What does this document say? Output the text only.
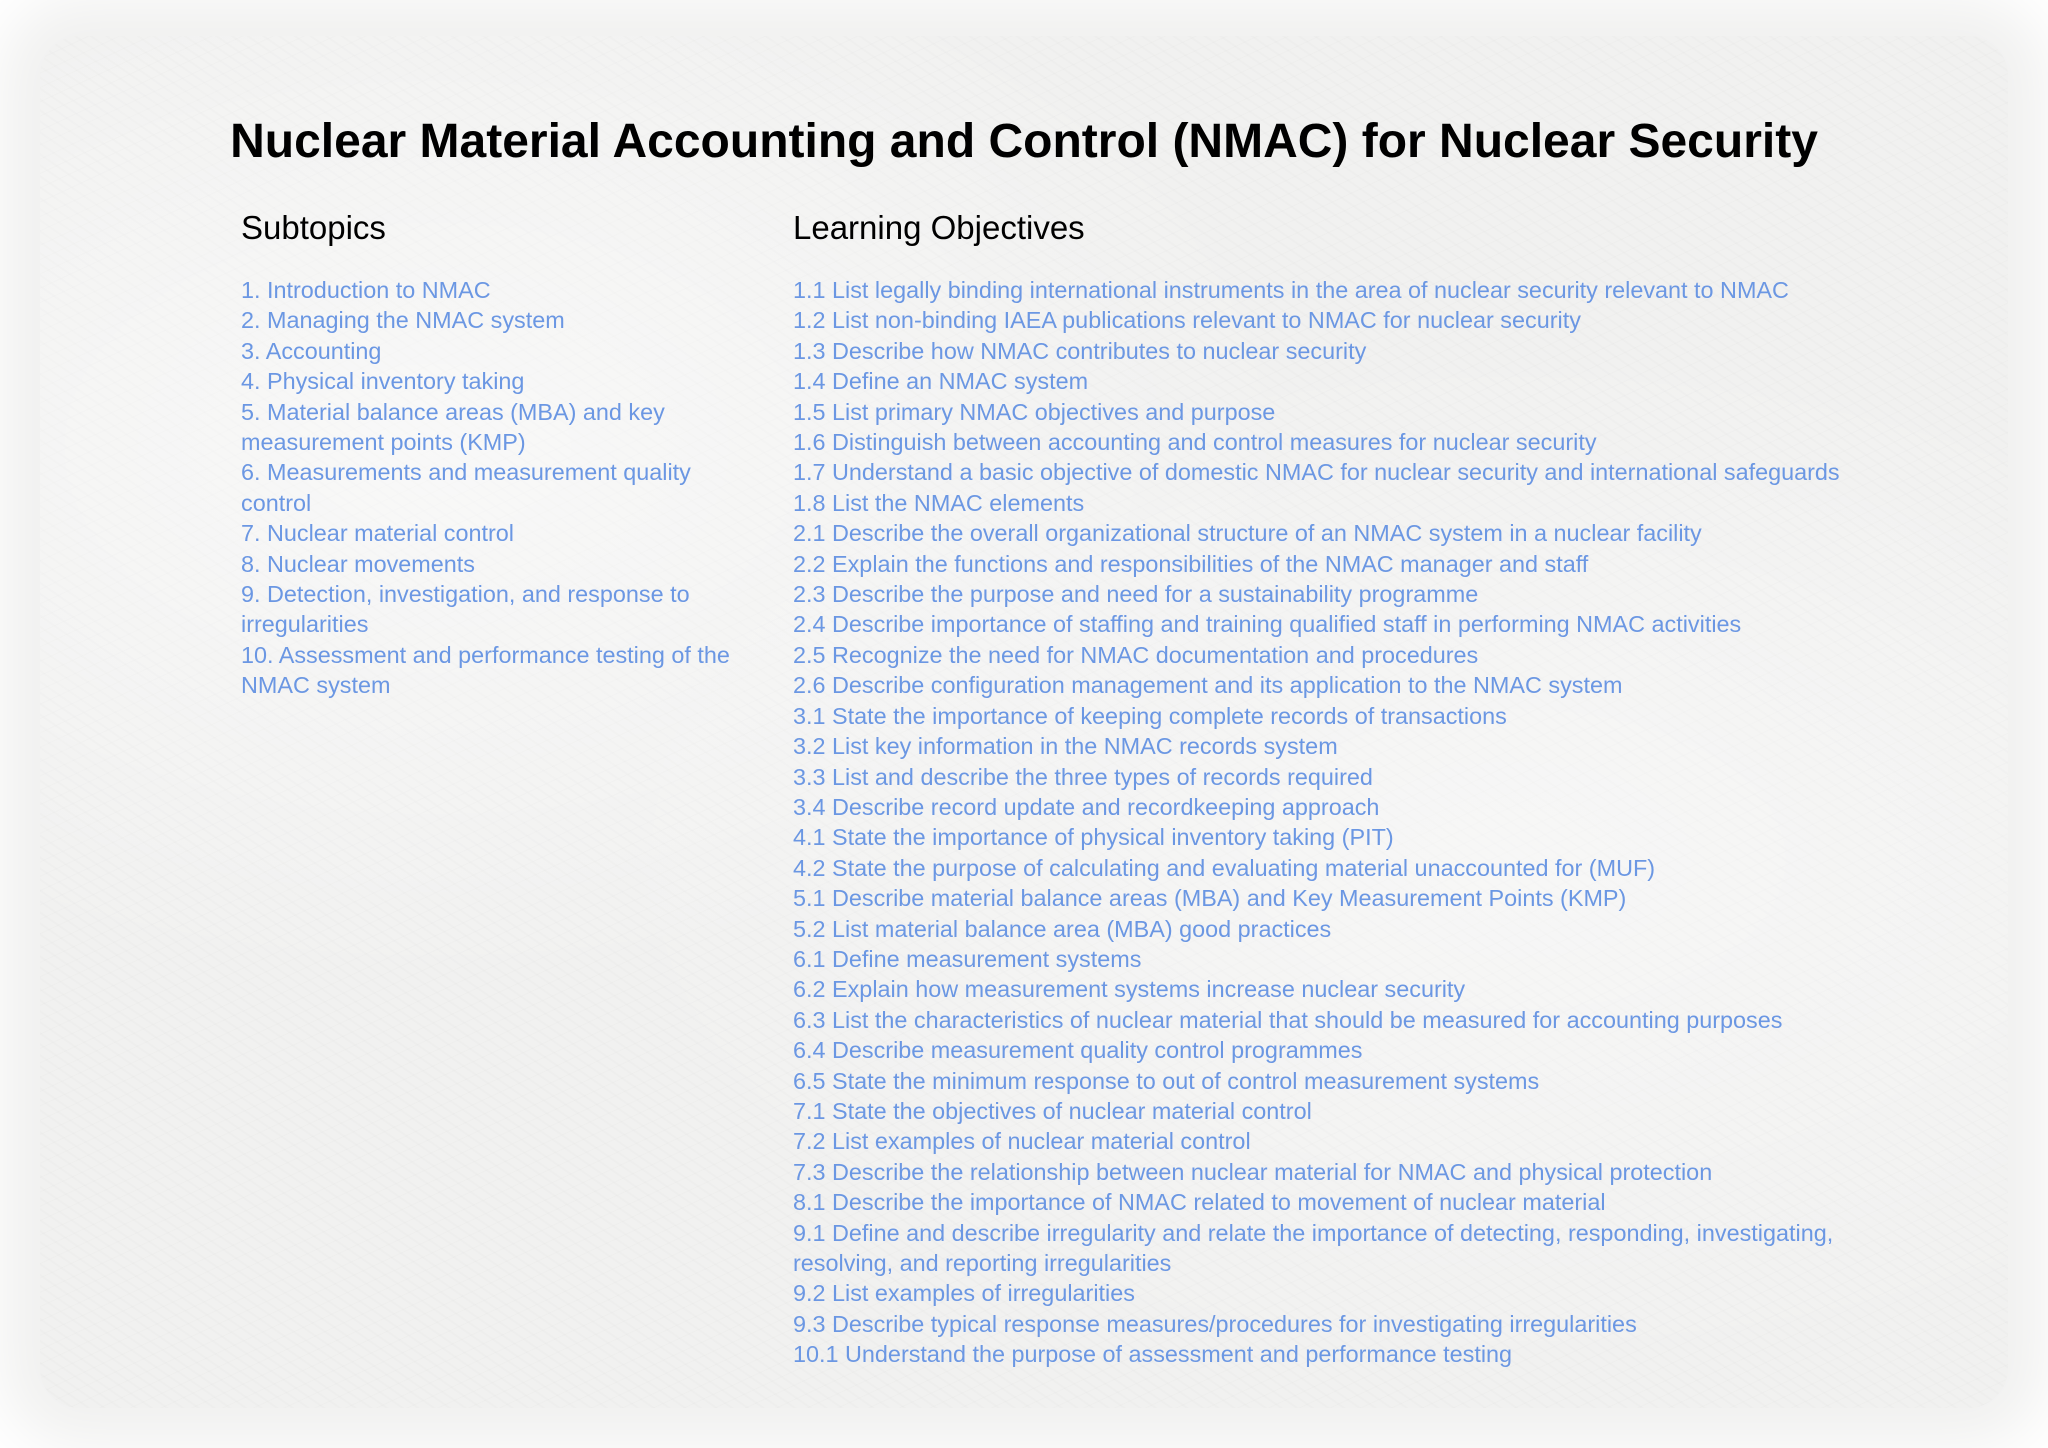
Nuclear Material Accounting and Control (NMAC) for Nuclear Security
Subtopics	Learning Objectives
1. Introduction to NMAC
2. Managing the NMAC system
3. Accounting
4. Physical inventory taking
5. Material balance areas (MBA) and key measurement points (KMP)
6. Measurements and measurement quality control
7. Nuclear material control
8. Nuclear movements
9. Detection, investigation, and response to irregularities
10. Assessment and performance testing of the NMAC system
1.1 List legally binding international instruments in the area of nuclear security relevant to NMAC
1.2 List non-binding IAEA publications relevant to NMAC for nuclear security
1.3 Describe how NMAC contributes to nuclear security
1.4 Define an NMAC system
1.5 List primary NMAC objectives and purpose
1.6 Distinguish between accounting and control measures for nuclear security
1.7 Understand a basic objective of domestic NMAC for nuclear security and international safeguards
1.8 List the NMAC elements
2.1 Describe the overall organizational structure of an NMAC system in a nuclear facility
2.2 Explain the functions and responsibilities of the NMAC manager and staff
2.3 Describe the purpose and need for a sustainability programme
2.4 Describe importance of staffing and training qualified staff in performing NMAC activities
2.5 Recognize the need for NMAC documentation and procedures
2.6 Describe configuration management and its application to the NMAC system
3.1 State the importance of keeping complete records of transactions
3.2 List key information in the NMAC records system
3.3 List and describe the three types of records required
3.4 Describe record update and recordkeeping approach
4.1 State the importance of physical inventory taking (PIT)
4.2 State the purpose of calculating and evaluating material unaccounted for (MUF)
5.1 Describe material balance areas (MBA) and Key Measurement Points (KMP)
5.2 List material balance area (MBA) good practices
6.1 Define measurement systems
6.2 Explain how measurement systems increase nuclear security
6.3 List the characteristics of nuclear material that should be measured for accounting purposes
6.4 Describe measurement quality control programmes
6.5 State the minimum response to out of control measurement systems
7.1 State the objectives of nuclear material control
7.2 List examples of nuclear material control
7.3 Describe the relationship between nuclear material for NMAC and physical protection
8.1 Describe the importance of NMAC related to movement of nuclear material
9.1 Define and describe irregularity and relate the importance of detecting, responding, investigating, resolving, and reporting irregularities
9.2 List examples of irregularities
9.3 Describe typical response measures/procedures for investigating irregularities
10.1 Understand the purpose of assessment and performance testing
